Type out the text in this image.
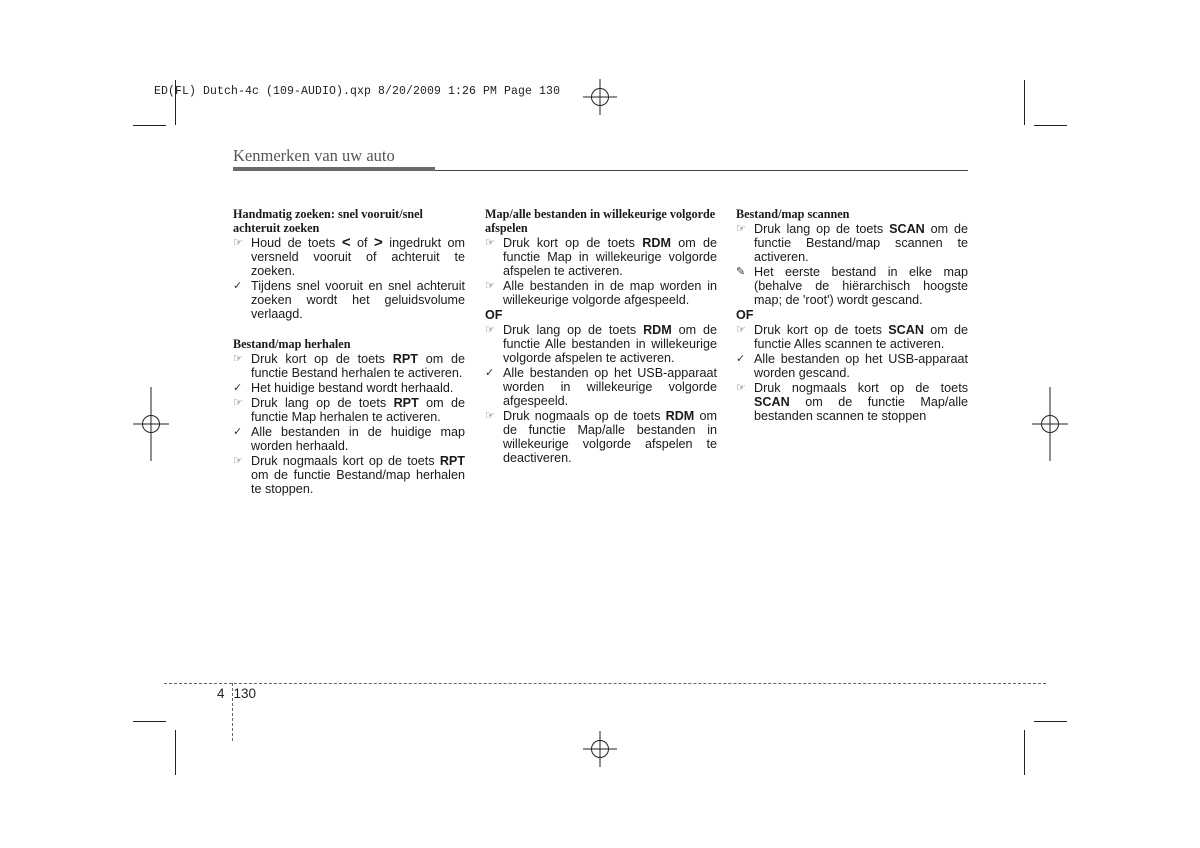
ED(FL) Dutch-4c (109-AUDIO).qxp 8/20/2009 1:26 PM Page 130
Kenmerken van uw auto
Handmatig zoeken: snel vooruit/snel achteruit zoeken
☞ Houd de toets < of > ingedrukt om versneld vooruit of achteruit te zoeken.
✓ Tijdens snel vooruit en snel achteruit zoeken wordt het geluidsvolume verlaagd.
Bestand/map herhalen
☞ Druk kort op de toets RPT om de functie Bestand herhalen te activeren.
✓ Het huidige bestand wordt herhaald.
☞ Druk lang op de toets RPT om de functie Map herhalen te activeren.
✓ Alle bestanden in de huidige map worden herhaald.
☞ Druk nogmaals kort op de toets RPT om de functie Bestand/map herhalen te stoppen.
Map/alle bestanden in willekeurige volgorde afspelen
☞ Druk kort op de toets RDM om de functie Map in willekeurige volgorde afspelen te activeren.
☞ Alle bestanden in de map worden in willekeurige volgorde afgespeeld.
OF
☞ Druk lang op de toets RDM om de functie Alle bestanden in willekeurige volgorde afspelen te activeren.
✓ Alle bestanden op het USB-apparaat worden in willekeurige volgorde afgespeeld.
☞ Druk nogmaals op de toets RDM om de functie Map/alle bestanden in willekeurige volgorde afspelen te deactiveren.
Bestand/map scannen
☞ Druk lang op de toets SCAN om de functie Bestand/map scannen te activeren.
✎ Het eerste bestand in elke map (behalve de hiërarchisch hoogste map; de 'root') wordt gescand.
OF
☞ Druk kort op de toets SCAN om de functie Alles scannen te activeren.
✓ Alle bestanden op het USB-apparaat worden gescand.
☞ Druk nogmaals kort op de toets SCAN om de functie Map/alle bestanden scannen te stoppen
4 130
